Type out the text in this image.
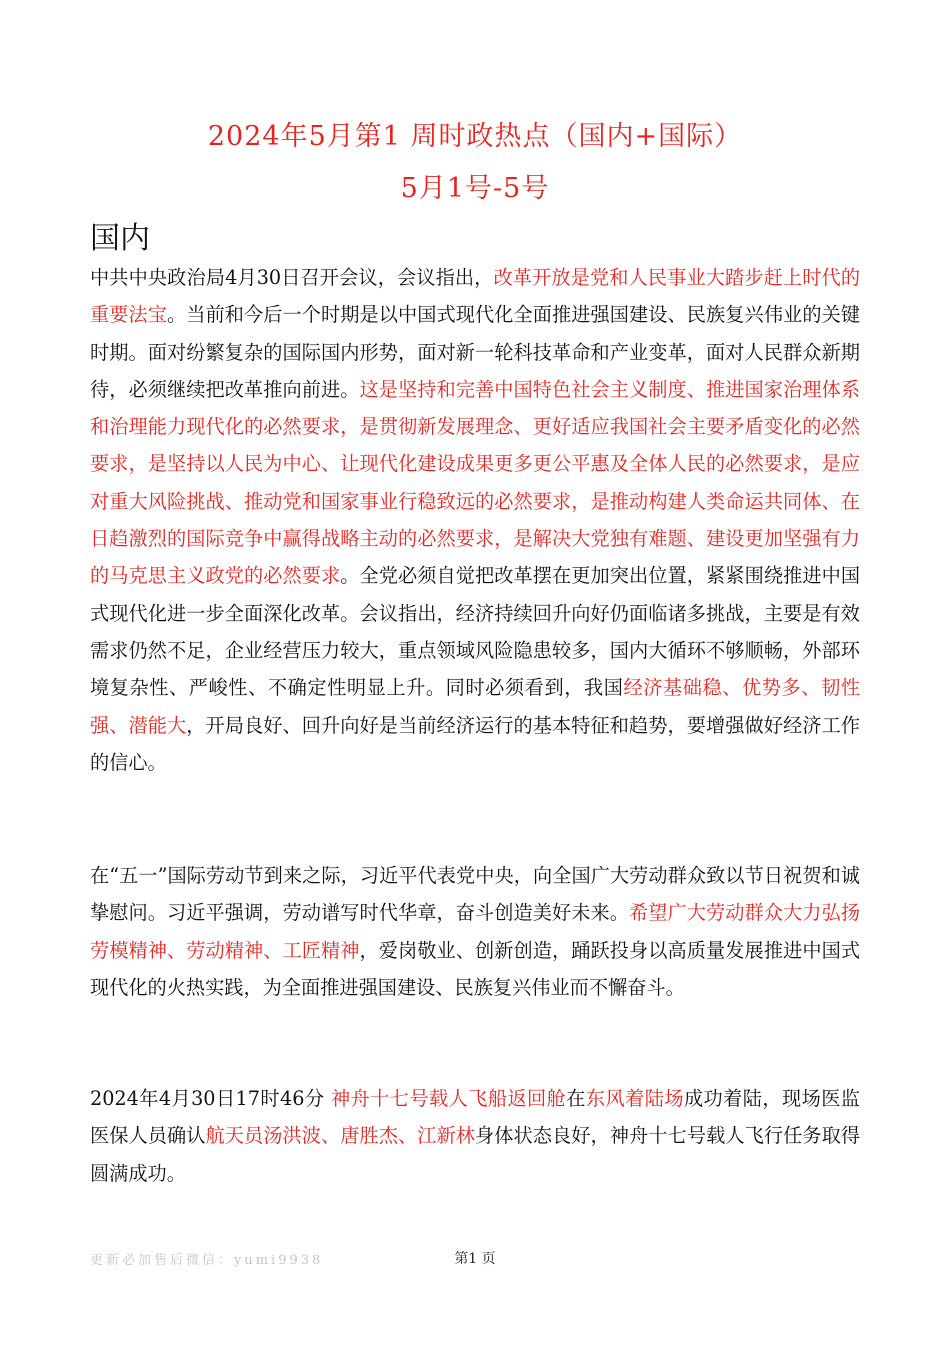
2024年5月第1 周时政热点（国内+国际）
5月1号-5号
国内
中共中央政治局4月30日召开会议，会议指出，改革开放是党和人民事业大踏步赶上时代的重要法宝。当前和今后一个时期是以中国式现代化全面推进强国建设、民族复兴伟业的关键时期。面对纷繁复杂的国际国内形势，面对新一轮科技革命和产业变革，面对人民群众新期待，必须继续把改革推向前进。这是坚持和完善中国特色社会主义制度、推进国家治理体系和治理能力现代化的必然要求，是贯彻新发展理念、更好适应我国社会主要矛盾变化的必然要求，是坚持以人民为中心、让现代化建设成果更多更公平惠及全体人民的必然要求，是应对重大风险挑战、推动党和国家事业行稳致远的必然要求，是推动构建人类命运共同体、在日趋激烈的国际竞争中赢得战略主动的必然要求，是解决大党独有难题、建设更加坚强有力的马克思主义政党的必然要求。全党必须自觉把改革摆在更加突出位置，紧紧围绕推进中国式现代化进一步全面深化改革。会议指出，经济持续回升向好仍面临诸多挑战，主要是有效需求仍然不足，企业经营压力较大，重点领域风险隐患较多，国内大循环不够顺畅，外部环境复杂性、严峻性、不确定性明显上升。同时必须看到，我国经济基础稳、优势多、韧性强、潜能大，开局良好、回升向好是当前经济运行的基本特征和趋势，要增强做好经济工作的信心。
在“五一”国际劳动节到来之际，习近平代表党中央，向全国广大劳动群众致以节日祝贺和诚挚慰问。习近平强调，劳动谱写时代华章，奋斗创造美好未来。希望广大劳动群众大力弘扬劳模精神、劳动精神、工匠精神，爱岗敬业、创新创造，踊跃投身以高质量发展推进中国式现代化的火热实践，为全面推进强国建设、民族复兴伟业而不懈奋斗。
2024年4月30日17时46分 神舟十七号载人飞船返回舱在东风着陆场成功着陆，现场医监医保人员确认航天员汤洪波、唐胜杰、江新林身体状态良好，神舟十七号载人飞行任务取得圆满成功。
更新必加售后微信：yumi9938	第1 页
